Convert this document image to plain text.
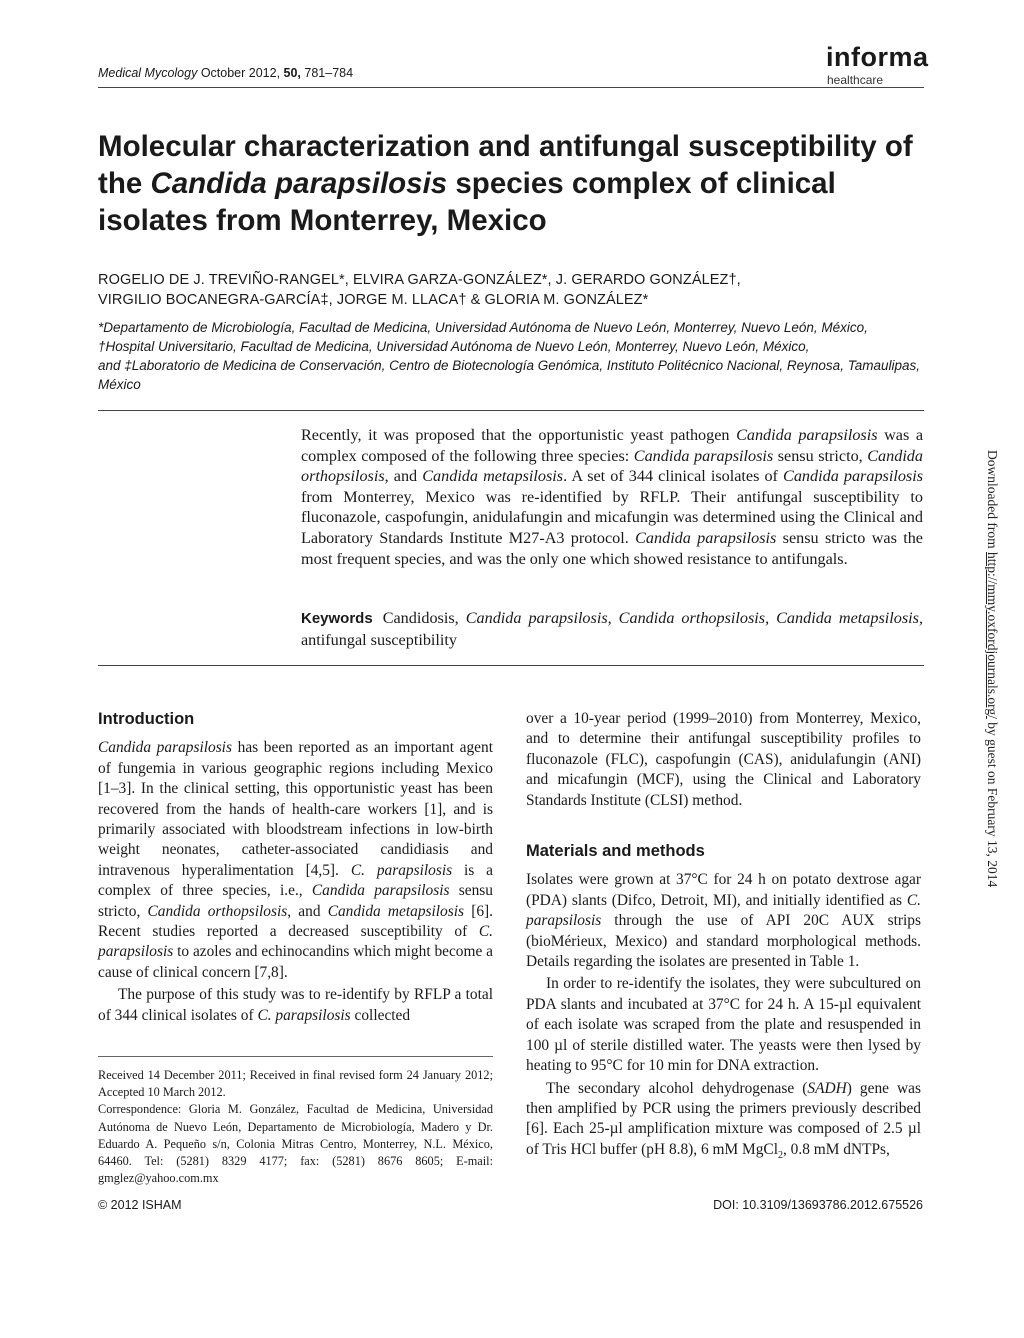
Medical Mycology October 2012, 50, 781–784
informa
healthcare
Molecular characterization and antifungal susceptibility of the Candida parapsilosis species complex of clinical isolates from Monterrey, Mexico
ROGELIO DE J. TREVIÑO-RANGEL*, ELVIRA GARZA-GONZÁLEZ*, J. GERARDO GONZÁLEZ†,
VIRGILIO BOCANEGRA-GARCÍA‡, JORGE M. LLACA† & GLORIA M. GONZÁLEZ*
*Departamento de Microbiología, Facultad de Medicina, Universidad Autónoma de Nuevo León, Monterrey, Nuevo León, México,
†Hospital Universitario, Facultad de Medicina, Universidad Autónoma de Nuevo León, Monterrey, Nuevo León, México,
and ‡Laboratorio de Medicina de Conservación, Centro de Biotecnología Genómica, Instituto Politécnico Nacional, Reynosa, Tamaulipas, México

Recently, it was proposed that the opportunistic yeast pathogen Candida parapsilosis was a complex composed of the following three species: Candida parapsilosis sensu stricto, Candida orthopsilosis, and Candida metapsilosis. A set of 344 clinical isolates of Candida parapsilosis from Monterrey, Mexico was re-identified by RFLP. Their antifungal susceptibility to fluconazole, caspofungin, anidulafungin and micafungin was determined using the Clinical and Laboratory Standards Institute M27-A3 protocol. Candida parapsilosis sensu stricto was the most frequent species, and was the only one which showed resistance to antifungals.

Keywords Candidosis, Candida parapsilosis, Candida orthopsilosis, Candida metapsilosis, antifungal susceptibility

Introduction

Candida parapsilosis has been reported as an important agent of fungemia in various geographic regions including Mexico [1–3]. In the clinical setting, this opportunistic yeast has been recovered from the hands of health-care workers [1], and is primarily associated with bloodstream infections in low-birth weight neonates, catheter-associated candidiasis and intravenous hyperalimentation [4,5]. C. parapsilosis is a complex of three species, i.e., Candida parapsilosis sensu stricto, Candida orthopsilosis, and Candida metapsilosis [6]. Recent studies reported a decreased susceptibility of C. parapsilosis to azoles and echinocandins which might become a cause of clinical concern [7,8].

The purpose of this study was to re-identify by RFLP a total of 344 clinical isolates of C. parapsilosis collected

Received 14 December 2011; Received in final revised form 24 January 2012; Accepted 10 March 2012.

Correspondence: Gloria M. González, Facultad de Medicina, Universidad Autónoma de Nuevo León, Departamento de Microbiología, Madero y Dr. Eduardo A. Pequeño s/n, Colonia Mitras Centro, Monterrey, N.L. México, 64460. Tel: (5281) 8329 4177; fax: (5281) 8676 8605; E-mail: gmglez@yahoo.com.mx

over a 10-year period (1999–2010) from Monterrey, Mexico, and to determine their antifungal susceptibility profiles to fluconazole (FLC), caspofungin (CAS), anidulafungin (ANI) and micafungin (MCF), using the Clinical and Laboratory Standards Institute (CLSI) method.

Materials and methods

Isolates were grown at 37°C for 24 h on potato dextrose agar (PDA) slants (Difco, Detroit, MI), and initially identified as C. parapsilosis through the use of API 20C AUX strips (bioMérieux, Mexico) and standard morphological methods. Details regarding the isolates are presented in Table 1.

In order to re-identify the isolates, they were subcultured on PDA slants and incubated at 37°C for 24 h. A 15-µl equivalent of each isolate was scraped from the plate and resuspended in 100 µl of sterile distilled water. The yeasts were then lysed by heating to 95°C for 10 min for DNA extraction.

The secondary alcohol dehydrogenase (SADH) gene was then amplified by PCR using the primers previously described [6]. Each 25-µl amplification mixture was composed of 2.5 µl of Tris HCl buffer (pH 8.8), 6 mM MgCl$_2$, 0.8 mM dNTPs,

© 2012 ISHAM	DOI: 10.3109/13693786.2012.675526
Downloaded from http://mmy.oxfordjournals.org/ by guest on February 13, 2014
